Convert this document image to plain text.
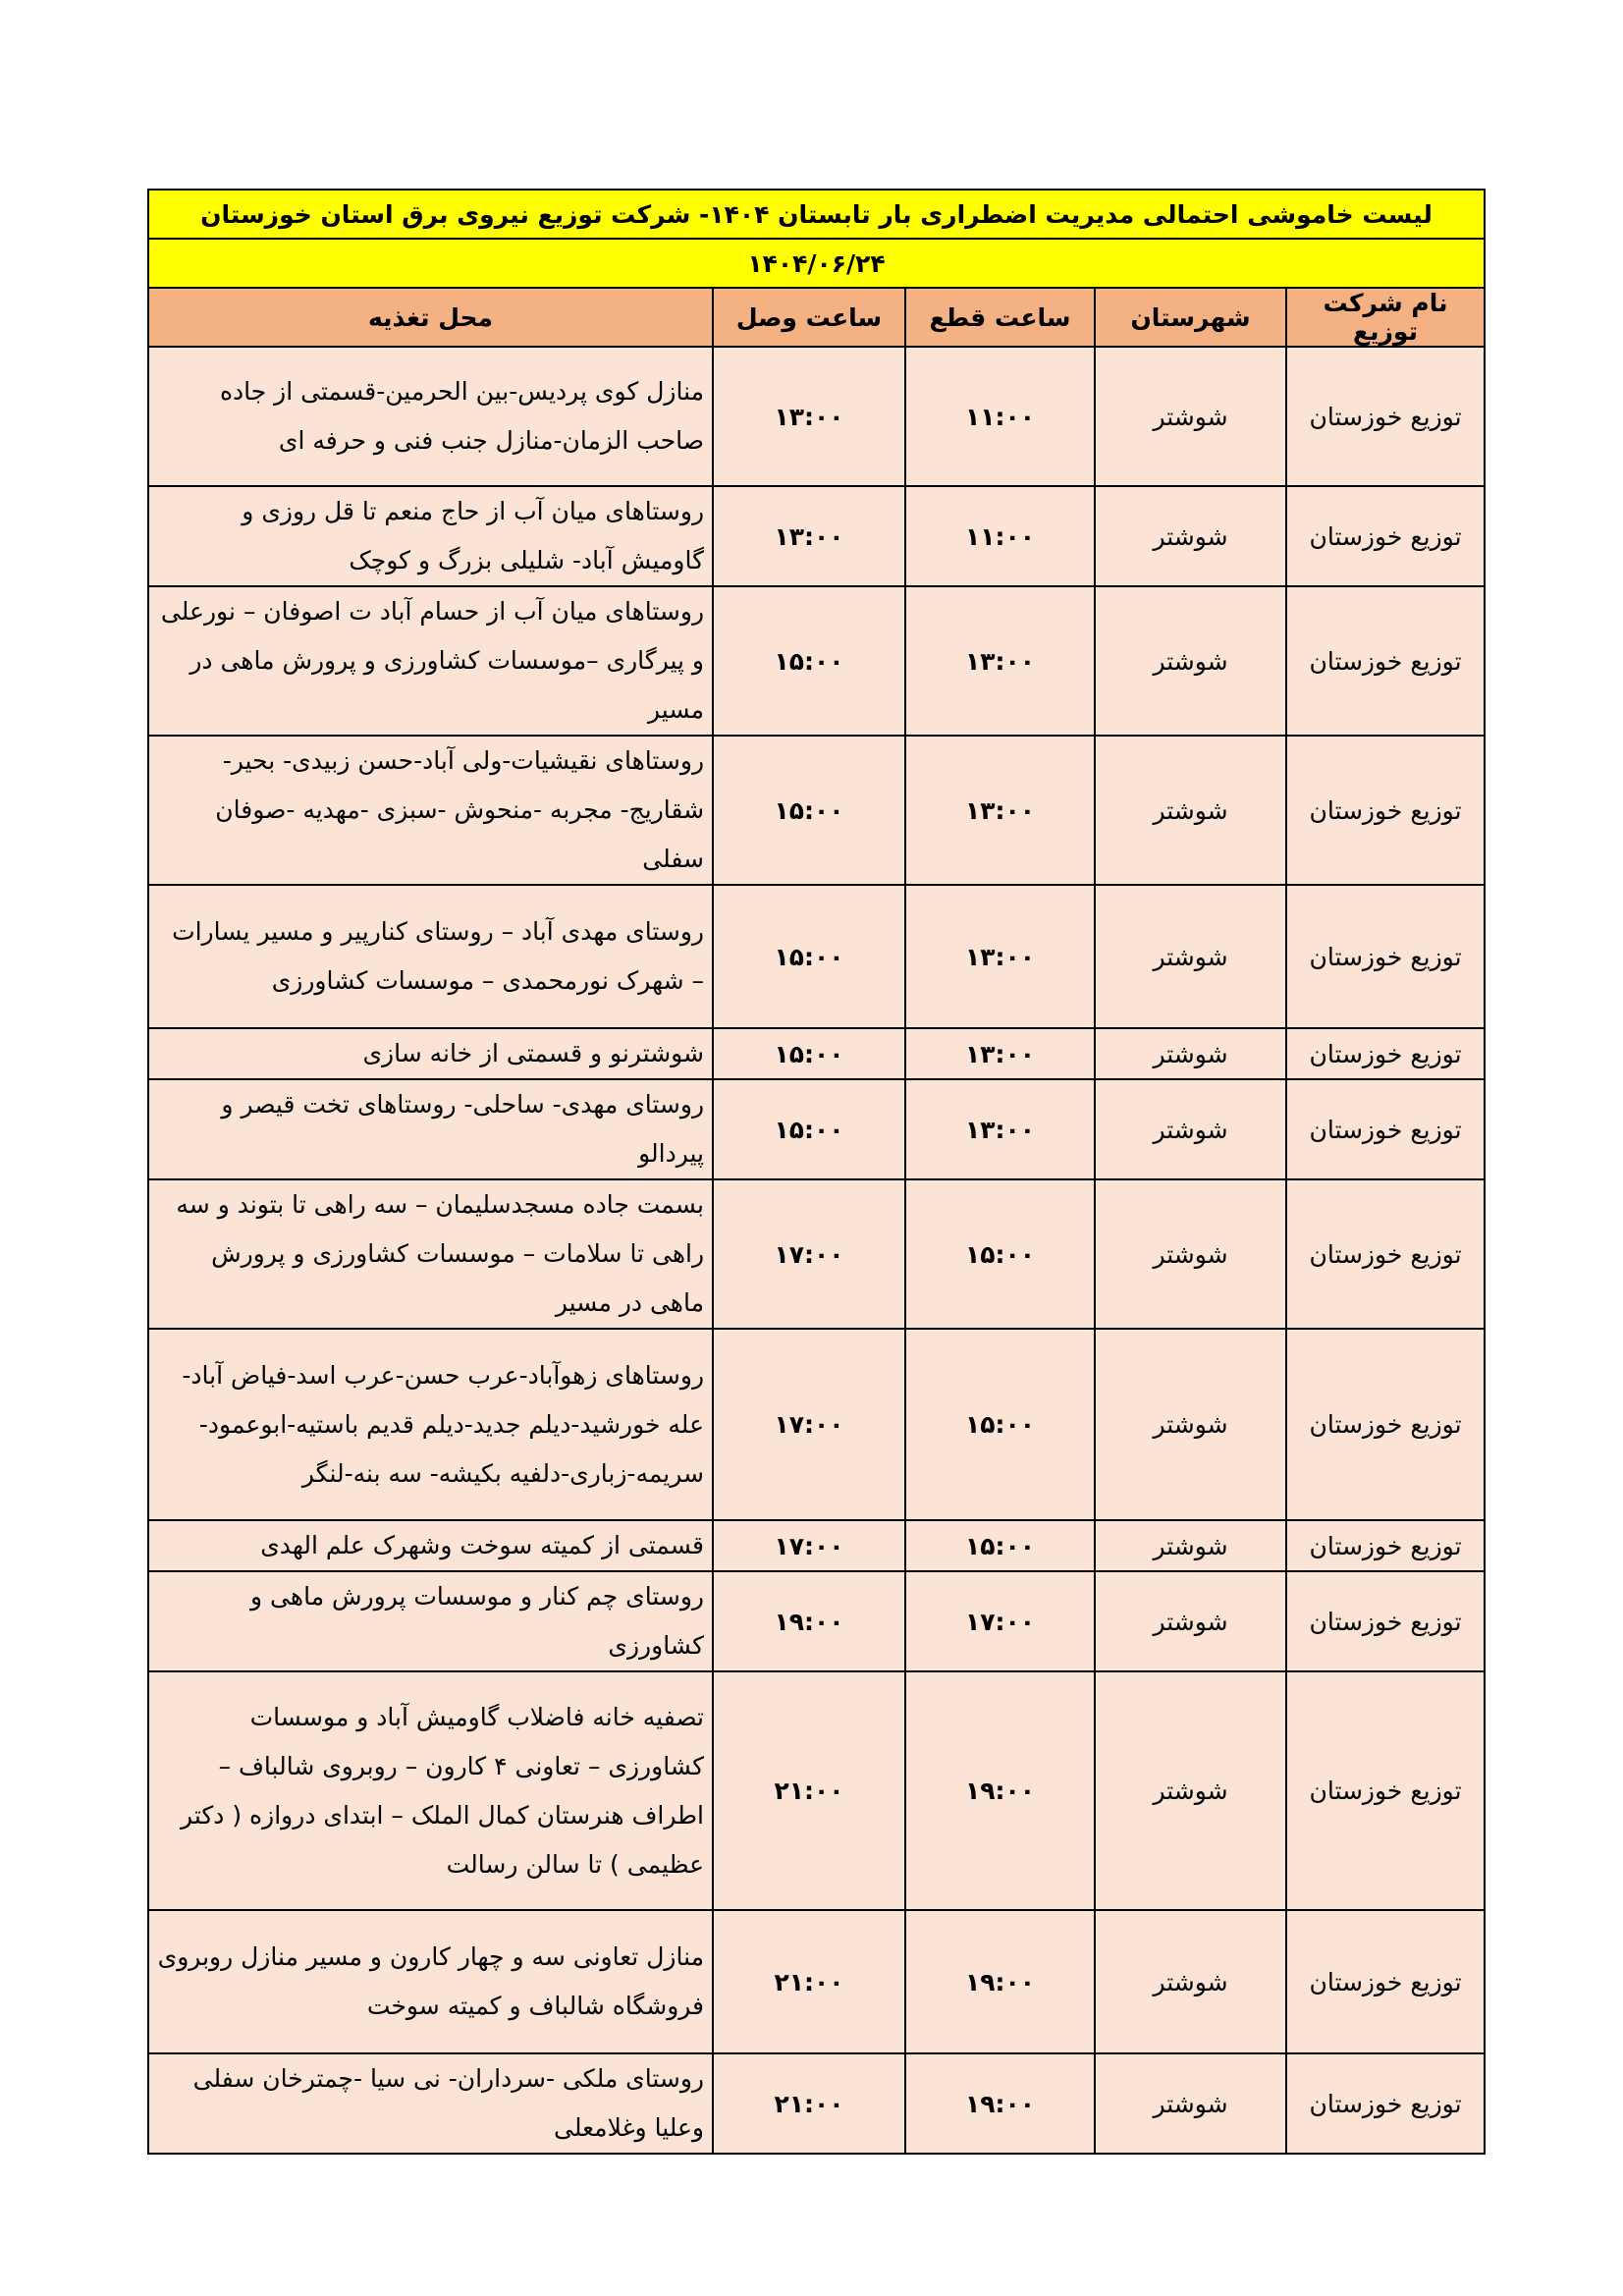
لیست خاموشی احتمالی مدیریت اضطراری بار تابستان ۱۴۰۴- شرکت توزیع نیروی برق استان خوزستان				
۱۴۰۴/۰۶/۲۴				
نام شرکت توزیع	شهرستان	ساعت قطع	ساعت وصل	محل تغذیه
توزیع خوزستان	شوشتر	۱۱:۰۰	۱۳:۰۰	منازل کوی پردیس-بین الحرمین-قسمتی از جاده صاحب الزمان-منازل جنب فنی و حرفه ای
توزیع خوزستان	شوشتر	۱۱:۰۰	۱۳:۰۰	روستاهای میان آب از حاج منعم تا قل روزی و گاومیش آباد- شلیلی بزرگ و کوچک
توزیع خوزستان	شوشتر	۱۳:۰۰	۱۵:۰۰	روستاهای میان آب از حسام آباد ت اصوفان – نورعلی و پیرگاری –موسسات کشاورزی و پرورش ماهی در مسیر
توزیع خوزستان	شوشتر	۱۳:۰۰	۱۵:۰۰	روستاهای نقیشیات-ولی آباد-حسن زبیدی- بحیر-شقاریج- مجربه -منحوش -سبزی -مهدیه -صوفان سفلی
توزیع خوزستان	شوشتر	۱۳:۰۰	۱۵:۰۰	روستای مهدی آباد – روستای کنارپیر و مسیر یسارات – شهرک نورمحمدی – موسسات کشاورزی
توزیع خوزستان	شوشتر	۱۳:۰۰	۱۵:۰۰	شوشترنو و قسمتی از خانه سازی
توزیع خوزستان	شوشتر	۱۳:۰۰	۱۵:۰۰	روستای مهدی- ساحلی- روستاهای تخت قیصر و پیردالو
توزیع خوزستان	شوشتر	۱۵:۰۰	۱۷:۰۰	بسمت جاده مسجدسلیمان – سه راهی تا بتوند و سه راهی تا سلامات – موسسات کشاورزی و پرورش ماهی در مسیر
توزیع خوزستان	شوشتر	۱۵:۰۰	۱۷:۰۰	روستاهای زهوآباد-عرب حسن-عرب اسد-فیاض آباد-عله خورشید-دیلم جدید-دیلم قدیم باستیه-ابوعمود-سریمه-زباری-دلفیه بکیشه- سه بنه-لنگر
توزیع خوزستان	شوشتر	۱۵:۰۰	۱۷:۰۰	قسمتی از کمیته سوخت وشهرک علم الهدی
توزیع خوزستان	شوشتر	۱۷:۰۰	۱۹:۰۰	روستای چم کنار و موسسات پرورش ماهی و کشاورزی
توزیع خوزستان	شوشتر	۱۹:۰۰	۲۱:۰۰	تصفیه خانه فاضلاب گاومیش آباد و موسسات کشاورزی – تعاونی ۴ کارون – روبروی شالباف – اطراف هنرستان کمال الملک – ابتدای دروازه ( دکتر عظیمی ) تا سالن رسالت
توزیع خوزستان	شوشتر	۱۹:۰۰	۲۱:۰۰	منازل تعاونی سه و چهار کارون و مسیر منازل روبروی فروشگاه شالباف و کمیته سوخت
توزیع خوزستان	شوشتر	۱۹:۰۰	۲۱:۰۰	روستای ملکی -سرداران- نی سیا -چمترخان سفلی وعلیا وغلامعلی
